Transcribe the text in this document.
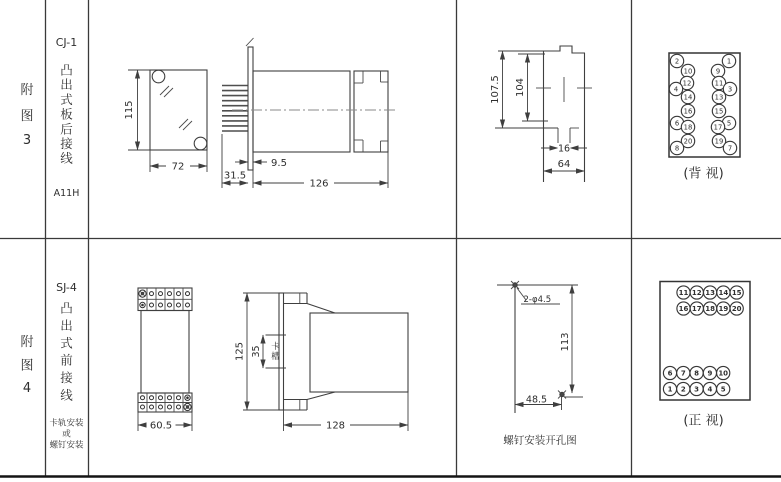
附
图
3
CJ-1
凸
出
式
板
后
接
线
A11H
115
72	9.5
31.5
126
107.5 104
16
64
2	1
10	9
12	11
4	3
14	13
16	15
6	5
18	17
20	19
8	7
(背 视)
附
图
4
SJ-4
凸
出
式
前
接
线
卡轨安装
或
螺钉安装
60.5
125 35 卡
槽
128
2-φ4.5
113
48.5
螺钉安装开孔图
11 12 13 14 15
16 17 18 19 20
6 7 8 9 10
1 2 3 4 5
(正 视)
